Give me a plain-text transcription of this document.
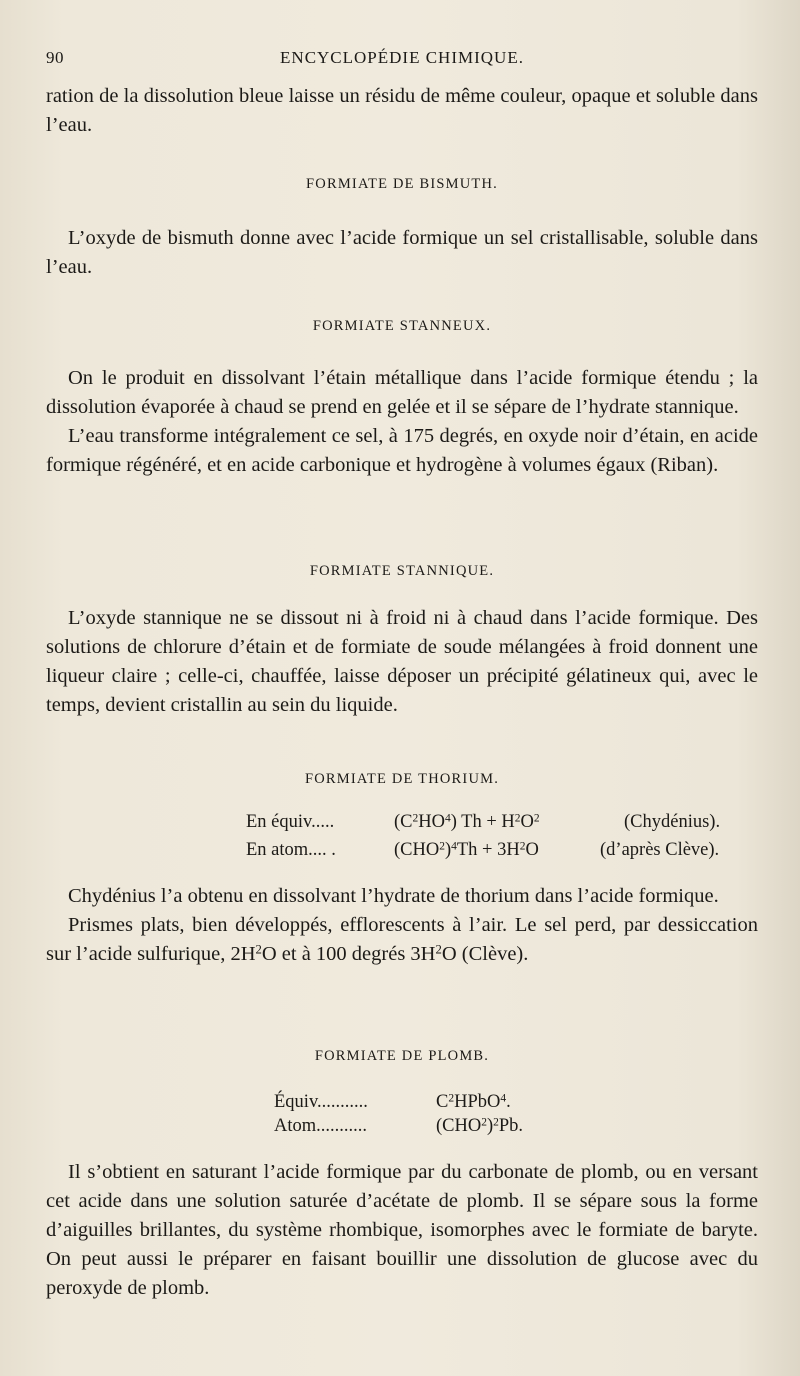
90	ENCYCLOPÉDIE CHIMIQUE.

ration de la dissolution bleue laisse un résidu de même couleur, opaque et soluble dans l’eau.

FORMIATE DE BISMUTH.

L’oxyde de bismuth donne avec l’acide formique un sel cristallisable, soluble dans l’eau.

FORMIATE STANNEUX.

On le produit en dissolvant l’étain métallique dans l’acide formique étendu ; la dissolution évaporée à chaud se prend en gelée et il se sépare de l’hydrate stannique.

L’eau transforme intégralement ce sel, à 175 degrés, en oxyde noir d’étain, en acide formique régénéré, et en acide carbonique et hydrogène à volumes égaux (Riban).

FORMIATE STANNIQUE.

L’oxyde stannique ne se dissout ni à froid ni à chaud dans l’acide formique. Des solutions de chlorure d’étain et de formiate de soude mélangées à froid donnent une liqueur claire ; celle-ci, chauffée, laisse déposer un précipité gélatineux qui, avec le temps, devient cristallin au sein du liquide.

FORMIATE DE THORIUM.
En équiv.....	$(C^2HO^4) Th + H^2O^2$	(Chydénius).
En atom.... .	$(CHO^2)^4Th + 3H^2O$	(d’après Clève).

Chydénius l’a obtenu en dissolvant l’hydrate de thorium dans l’acide formique.

Prismes plats, bien développés, efflorescents à l’air. Le sel perd, par dessiccation sur l’acide sulfurique, $2H^2O$ et à 100 degrés $3H^2O$ (Clève).

FORMIATE DE PLOMB.
Équiv...........	$C^2HPbO^4$.
Atom...........	$(CHO^2)^2Pb$.

Il s’obtient en saturant l’acide formique par du carbonate de plomb, ou en versant cet acide dans une solution saturée d’acétate de plomb. Il se sépare sous la forme d’aiguilles brillantes, du système rhombique, isomorphes avec le formiate de baryte. On peut aussi le préparer en faisant bouillir une dissolution de glucose avec du peroxyde de plomb.
